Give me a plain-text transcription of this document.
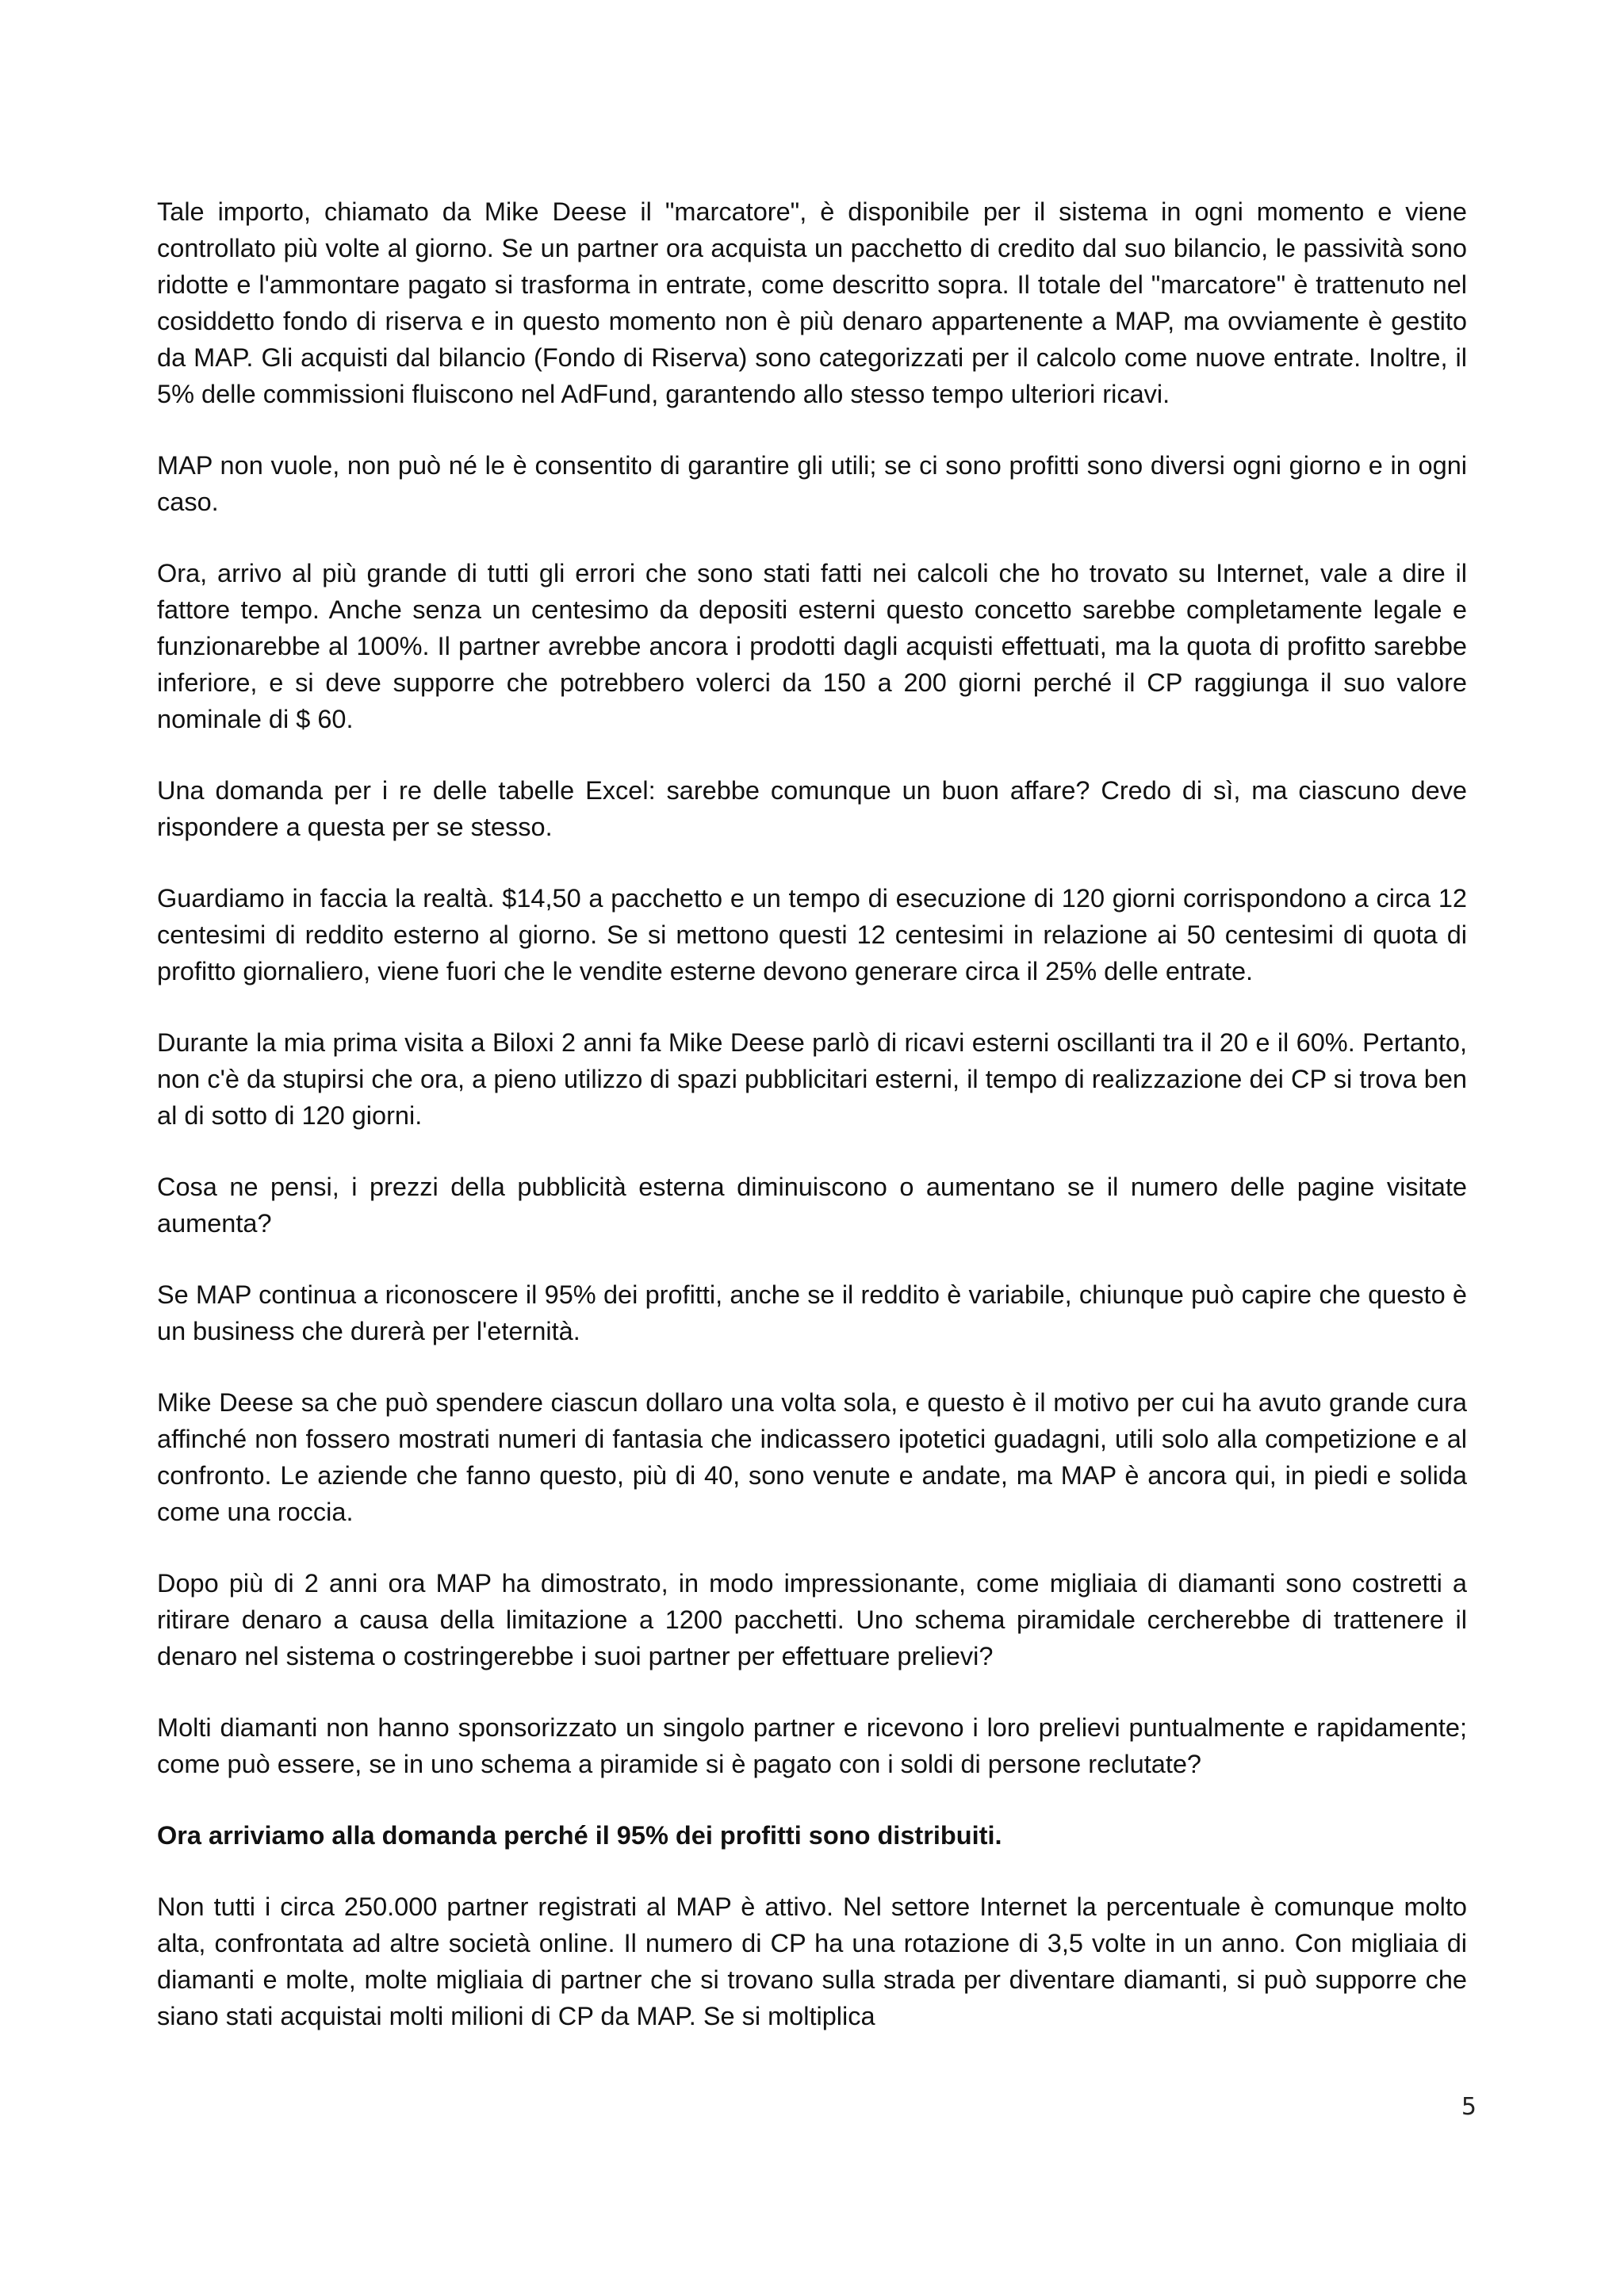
Tale importo, chiamato da Mike Deese il "marcatore", è disponibile per il sistema in ogni momento e viene controllato più volte al giorno. Se un partner ora acquista un pacchetto di credito dal suo bilancio, le passività sono ridotte e l'ammontare pagato si trasforma in entrate, come descritto sopra. Il totale del "marcatore" è trattenuto nel cosiddetto fondo di riserva e in questo momento non è più denaro appartenente a MAP, ma ovviamente è gestito da MAP. Gli acquisti dal bilancio (Fondo di Riserva) sono categorizzati per il calcolo come nuove entrate. Inoltre, il 5% delle commissioni fluiscono nel AdFund, garantendo allo stesso tempo ulteriori ricavi.

MAP non vuole, non può né le è consentito di garantire gli utili; se ci sono profitti sono diversi ogni giorno e in ogni caso.

Ora, arrivo al più grande di tutti gli errori che sono stati fatti nei calcoli che ho trovato su Internet, vale a dire il fattore tempo. Anche senza un centesimo da depositi esterni questo concetto sarebbe completamente legale e funzionarebbe al 100%. Il partner avrebbe ancora i prodotti dagli acquisti effettuati, ma la quota di profitto sarebbe inferiore, e si deve supporre che potrebbero volerci da 150 a 200 giorni perché il CP raggiunga il suo valore nominale di $ 60.

Una domanda per i re delle tabelle Excel: sarebbe comunque un buon affare? Credo di sì, ma ciascuno deve rispondere a questa per se stesso.

Guardiamo in faccia la realtà. $14,50 a pacchetto e un tempo di esecuzione di 120 giorni corrispondono a circa 12 centesimi di reddito esterno al giorno. Se si mettono questi 12 centesimi in relazione ai 50 centesimi di quota di profitto giornaliero, viene fuori che le vendite esterne devono generare circa il 25% delle entrate.

Durante la mia prima visita a Biloxi 2 anni fa Mike Deese parlò di ricavi esterni oscillanti tra il 20 e il 60%. Pertanto, non c'è da stupirsi che ora, a pieno utilizzo di spazi pubblicitari esterni, il tempo di realizzazione dei CP si trova ben al di sotto di 120 giorni.

Cosa ne pensi, i prezzi della pubblicità esterna diminuiscono o aumentano se il numero delle pagine visitate aumenta?

Se MAP continua a riconoscere il 95% dei profitti, anche se il reddito è variabile, chiunque può capire che questo è un business che durerà per l'eternità.

Mike Deese sa che può spendere ciascun dollaro una volta sola, e questo è il motivo per cui ha avuto grande cura affinché non fossero mostrati numeri di fantasia che indicassero ipotetici guadagni, utili solo alla competizione e al confronto. Le aziende che fanno questo, più di 40, sono venute e andate, ma MAP è ancora qui, in piedi e solida come una roccia.

Dopo più di 2 anni ora MAP ha dimostrato, in modo impressionante, come migliaia di diamanti sono costretti a ritirare denaro a causa della limitazione a 1200 pacchetti. Uno schema piramidale cercherebbe di trattenere il denaro nel sistema o costringerebbe i suoi partner per effettuare prelievi?

Molti diamanti non hanno sponsorizzato un singolo partner e ricevono i loro prelievi puntualmente e rapidamente; come può essere, se in uno schema a piramide si è pagato con i soldi di persone reclutate?

Ora arriviamo alla domanda perché il 95% dei profitti sono distribuiti.

Non tutti i circa 250.000 partner registrati al MAP è attivo. Nel settore Internet la percentuale è comunque molto alta, confrontata ad altre società online. Il numero di CP ha una rotazione di 3,5 volte in un anno. Con migliaia di diamanti e molte, molte migliaia di partner che si trovano sulla strada per diventare diamanti, si può supporre che siano stati acquistai molti milioni di CP da MAP. Se si moltiplica

5
